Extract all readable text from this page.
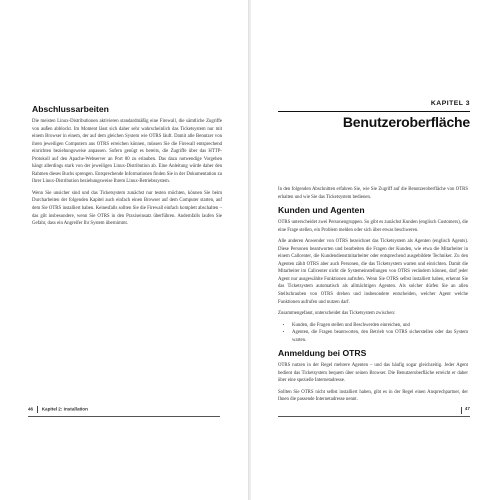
Abschlussarbeiten

Die meisten Linux-Distributionen aktivieren standardmäßig eine Firewall, die sämtliche Zugriffe von außen abblockt. Im Moment lässt sich daher sehr wahrscheinlich das Ticketsystem nur mit einem Browser in einem, der auf dem gleichen System wie OTRS läuft. Damit alle Benutzer von ihren jeweiligen Computern aus OTRS erreichen können, müssen Sie die Firewall entsprechend einrichten beziehungsweise anpassen. Sofern genügt es bereits, die Zugriffe über das HTTP-Protokoll auf den Apache-Webserver an Port 80 zu erlauben. Das dazu notwendige Vorgehen hängt allerdings stark von der jeweiligen Linux-Distribution ab. Eine Anleitung würde daher den Rahmen dieses Buchs sprengen. Entsprechende Informationen finden Sie in der Dokumentation zu Ihrer Linux-Distribution beziehungsweise Ihrem Linux-Betriebssystem.

Wenn Sie unsicher sind und das Ticketsystem zunächst nur testen möchten, können Sie beim Durcharbeiten der folgenden Kapitel auch einfach einen Browser auf dem Computer starten, auf dem Sie OTRS installiert haben. Keinesfalls sollten Sie die Firewall einfach komplett abschalten – das gilt insbesondere, wenn Sie OTRS in den Praxiseinsatz überführen. Andernfalls laufen Sie Gefahr, dass ein Angreifer Ihr System übernimmt.

46 Kapitel 2: Installation
KAPITEL 3
Benutzeroberfläche

In den folgenden Abschnitten erfahren Sie, wie Sie Zugriff auf die Benutzeroberfläche von OTRS erhalten und wie Sie das Ticketsystem bedienen.

Kunden und Agenten

OTRS unterscheidet zwei Personengruppen. So gibt es zunächst Kunden (englisch Customers), die eine Frage stellen, ein Problem melden oder sich über etwas beschweren.

Alle anderen Anwender von OTRS bezeichnet das Ticketsystem als Agenten (englisch Agents). Diese Personen beantworten und bearbeiten die Fragen der Kunden, wie etwa die Mitarbeiter in einem Callcenter, die Kundendienstmitarbeiter oder entsprechend ausgebildete Techniker. Zu den Agenten zählt OTRS aber auch Personen, die das Ticketsystem warten und einrichten. Damit die Mitarbeiter im Callcenter nicht die Systemeinstellungen von OTRS verändern können, darf jeder Agent nur ausgewählte Funktionen aufrufen. Wenn Sie OTRS selbst installiert haben, erkennt Sie das Ticketsystem automatisch als allmächtigen Agenten. Als solcher dürfen Sie an allen Stellschrauben von OTRS drehen und insbesondere entscheiden, welcher Agent welche Funktionen aufrufen und nutzen darf.

Zusammengefasst, unterscheidet das Ticketsystem zwischen:

• Kunden, die Fragen stellen und Beschwerden einreichen, und
• Agenten, die Fragen beantworten, den Betrieb von OTRS sicherstellen oder das System warten.
Anmeldung bei OTRS

OTRS nutzen in der Regel mehrere Agenten – und das häufig sogar gleichzeitig. Jeder Agent bedient das Ticketsystem bequem über seinen Browser. Die Benutzeroberfläche erreicht er daher über eine spezielle Internetadresse.

Sollten Sie OTRS nicht selbst installiert haben, gibt es in der Regel einen Ansprechpartner, der Ihnen die passende Internetadresse nennt.

47
